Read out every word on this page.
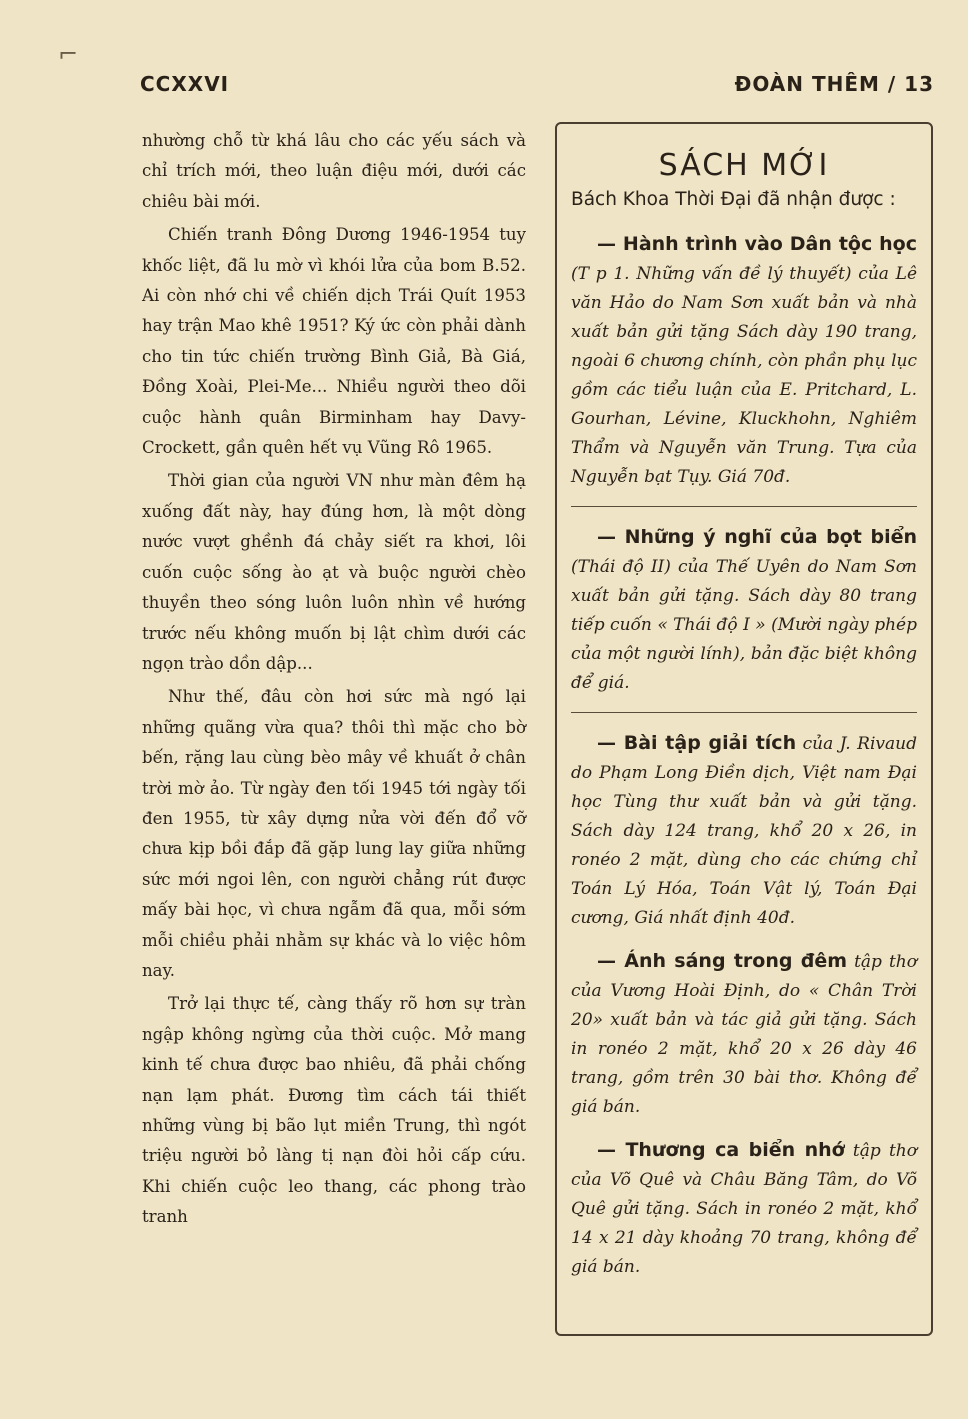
⌐
CCXXVI	ĐOÀN THÊM / 13

nhường chỗ từ khá lâu cho các yếu sách và chỉ trích mới, theo luận điệu mới, dưới các chiêu bài mới.

Chiến tranh Đông Dương 1946-1954 tuy khốc liệt, đã lu mờ vì khói lửa của bom B.52. Ai còn nhớ chi về chiến dịch Trái Quít 1953 hay trận Mao khê 1951? Ký ức còn phải dành cho tin tức chiến trường Bình Giả, Bà Giá, Đồng Xoài, Plei-Me... Nhiều người theo dõi cuộc hành quân Birminham hay Davy-Crockett, gần quên hết vụ Vũng Rô 1965.

Thời gian của người VN như màn đêm hạ xuống đất này, hay đúng hơn, là một dòng nước vượt ghềnh đá chảy siết ra khơi, lôi cuốn cuộc sống ào ạt và buộc người chèo thuyền theo sóng luôn luôn nhìn về hướng trước nếu không muốn bị lật chìm dưới các ngọn trào dồn dập...

Như thế, đâu còn hơi sức mà ngó lại những quãng vừa qua? thôi thì mặc cho bờ bến, rặng lau cùng bèo mây về khuất ở chân trời mờ ảo. Từ ngày đen tối 1945 tới ngày tối đen 1955, từ xây dựng nửa vời đến đổ vỡ chưa kịp bồi đắp đã gặp lung lay giữa những sức mới ngoi lên, con người chẳng rút được mấy bài học, vì chưa ngẫm đã qua, mỗi sớm mỗi chiều phải nhằm sự khác và lo việc hôm nay.

Trở lại thực tế, càng thấy rõ hơn sự tràn ngập không ngừng của thời cuộc. Mở mang kinh tế chưa được bao nhiêu, đã phải chống nạn lạm phát. Đương tìm cách tái thiết những vùng bị bão lụt miền Trung, thì ngót triệu người bỏ làng tị nạn đòi hỏi cấp cứu. Khi chiến cuộc leo thang, các phong trào tranh

SÁCH MỚI
Bách Khoa Thời Đại đã nhận được :
— Hành trình vào Dân tộc học (T p 1. Những vấn đề lý thuyết) của Lê văn Hảo do Nam Sơn xuất bản và nhà xuất bản gửi tặng Sách dày 190 trang, ngoài 6 chương chính, còn phần phụ lục gồm các tiểu luận của E. Pritchard, L. Gourhan, Lévine, Kluckhohn, Nghiêm Thẩm và Nguyễn văn Trung. Tựa của Nguyễn bạt Tụy. Giá 70đ.
— Những ý nghĩ của bọt biển (Thái độ II) của Thế Uyên do Nam Sơn xuất bản gửi tặng. Sách dày 80 trang tiếp cuốn « Thái độ I » (Mười ngày phép của một người lính), bản đặc biệt không để giá.
— Bài tập giải tích của J. Rivaud do Phạm Long Điền dịch, Việt nam Đại học Tùng thư xuất bản và gửi tặng. Sách dày 124 trang, khổ 20 x 26, in ronéo 2 mặt, dùng cho các chứng chỉ Toán Lý Hóa, Toán Vật lý, Toán Đại cương, Giá nhất định 40đ.
— Ánh sáng trong đêm tập thơ của Vương Hoài Định, do « Chân Trời 20» xuất bản và tác giả gửi tặng. Sách in ronéo 2 mặt, khổ 20 x 26 dày 46 trang, gồm trên 30 bài thơ. Không để giá bán.
— Thương ca biển nhớ tập thơ của Võ Quê và Châu Băng Tâm, do Võ Quê gửi tặng. Sách in ronéo 2 mặt, khổ 14 x 21 dày khoảng 70 trang, không để giá bán.
